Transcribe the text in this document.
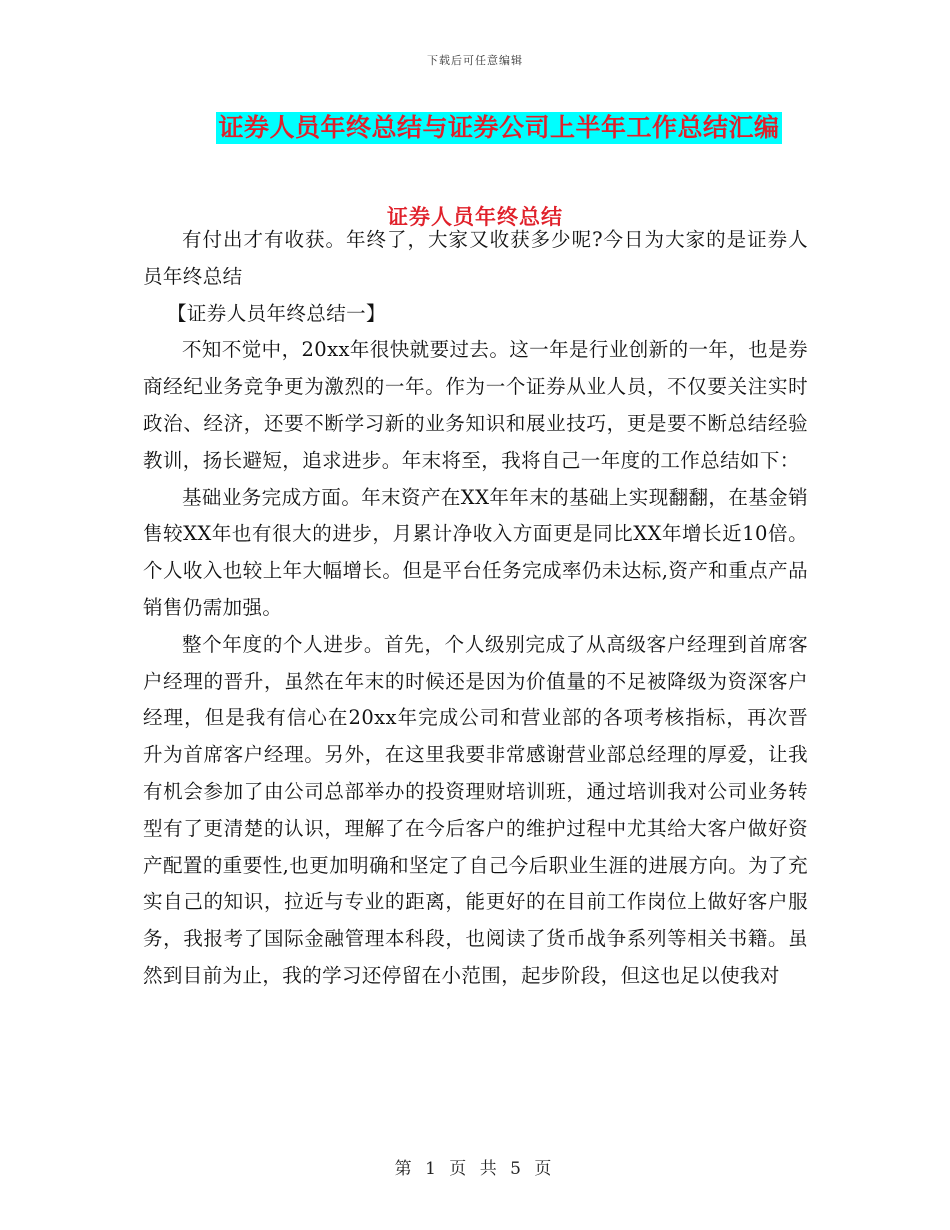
下载后可任意编辑
证券人员年终总结与证券公司上半年工作总结汇编
证券人员年终总结

有付出才有收获。年终了，大家又收获多少呢?今日为大家的是证券人员年终总结

【证券人员年终总结一】

不知不觉中，20xx年很快就要过去。这一年是行业创新的一年，也是券商经纪业务竞争更为激烈的一年。作为一个证券从业人员，不仅要关注实时政治、经济，还要不断学习新的业务知识和展业技巧，更是要不断总结经验教训，扬长避短，追求进步。年末将至，我将自己一年度的工作总结如下：

基础业务完成方面。年末资产在XX年年末的基础上实现翻翻，在基金销售较XX年也有很大的进步，月累计净收入方面更是同比XX年增长近10倍。个人收入也较上年大幅增长。但是平台任务完成率仍未达标,资产和重点产品销售仍需加强。

整个年度的个人进步。首先，个人级别完成了从高级客户经理到首席客户经理的晋升，虽然在年末的时候还是因为价值量的不足被降级为资深客户经理，但是我有信心在20xx年完成公司和营业部的各项考核指标，再次晋升为首席客户经理。另外，在这里我要非常感谢营业部总经理的厚爱，让我有机会参加了由公司总部举办的投资理财培训班，通过培训我对公司业务转型有了更清楚的认识，理解了在今后客户的维护过程中尤其给大客户做好资产配置的重要性,也更加明确和坚定了自己今后职业生涯的进展方向。为了充实自己的知识，拉近与专业的距离，能更好的在目前工作岗位上做好客户服务，我报考了国际金融管理本科段，也阅读了货币战争系列等相关书籍。虽然到目前为止，我的学习还停留在小范围，起步阶段，但这也足以使我对

第 1 页 共 5 页
